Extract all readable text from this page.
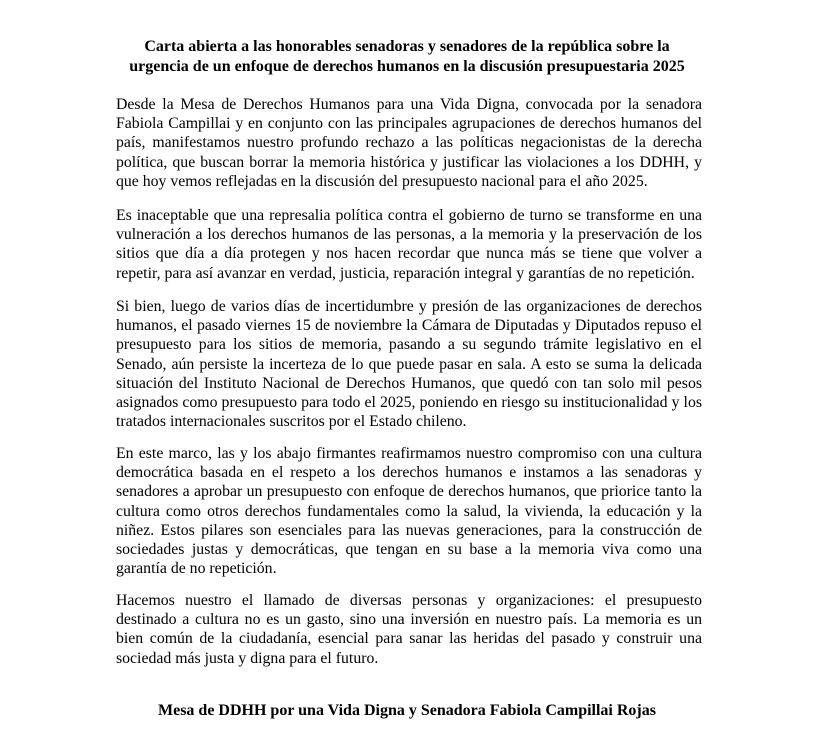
Carta abierta a las honorables senadoras y senadores de la república sobre la
urgencia de un enfoque de derechos humanos en la discusión presupuestaria 2025

Desde la Mesa de Derechos Humanos para una Vida Digna, convocada por la senadora Fabiola Campillai y en conjunto con las principales agrupaciones de derechos humanos del país, manifestamos nuestro profundo rechazo a las políticas negacionistas de la derecha política, que buscan borrar la memoria histórica y justificar las violaciones a los DDHH, y que hoy vemos reflejadas en la discusión del presupuesto nacional para el año 2025.

Es inaceptable que una represalia política contra el gobierno de turno se transforme en una vulneración a los derechos humanos de las personas, a la memoria y la preservación de los sitios que día a día protegen y nos hacen recordar que nunca más se tiene que volver a repetir, para así avanzar en verdad, justicia, reparación integral y garantías de no repetición.

Si bien, luego de varios días de incertidumbre y presión de las organizaciones de derechos humanos, el pasado viernes 15 de noviembre la Cámara de Diputadas y Diputados repuso el presupuesto para los sitios de memoria, pasando a su segundo trámite legislativo en el Senado, aún persiste la incerteza de lo que puede pasar en sala. A esto se suma la delicada situación del Instituto Nacional de Derechos Humanos, que quedó con tan solo mil pesos asignados como presupuesto para todo el 2025, poniendo en riesgo su institucionalidad y los tratados internacionales suscritos por el Estado chileno.

En este marco, las y los abajo firmantes reafirmamos nuestro compromiso con una cultura democrática basada en el respeto a los derechos humanos e instamos a las senadoras y senadores a aprobar un presupuesto con enfoque de derechos humanos, que priorice tanto la cultura como otros derechos fundamentales como la salud, la vivienda, la educación y la niñez. Estos pilares son esenciales para las nuevas generaciones, para la construcción de sociedades justas y democráticas, que tengan en su base a la memoria viva como una garantía de no repetición.

Hacemos nuestro el llamado de diversas personas y organizaciones: el presupuesto destinado a cultura no es un gasto, sino una inversión en nuestro país. La memoria es un bien común de la ciudadanía, esencial para sanar las heridas del pasado y construir una sociedad más justa y digna para el futuro.

Mesa de DDHH por una Vida Digna y Senadora Fabiola Campillai Rojas
